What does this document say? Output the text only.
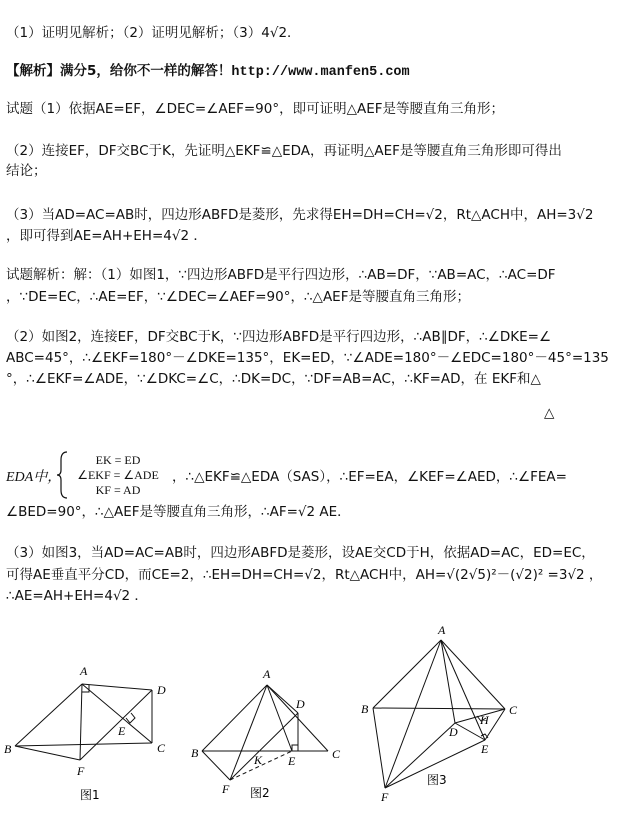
（1）证明见解析；（2）证明见解析；（3）4√2．
【解析】满分5，给你不一样的解答！http://www.manfen5.com
试题（1）依据AE=EF，∠DEC=∠AEF=90°，即可证明△AEF是等腰直角三角形；
（2）连接EF，DF交BC于K，先证明△EKF≌△EDA，再证明△AEF是等腰直角三角形即可得出
结论；
（3）当AD=AC=AB时，四边形ABFD是菱形，先求得EH=DH=CH=√2，Rt△ACH中，AH=3√2
，即可得到AE=AH+EH=4√2 ．
试题解析：解：（1）如图1，∵四边形ABFD是平行四边形，∴AB=DF，∵AB=AC，∴AC=DF
，∵DE=EC，∴AE=EF，∵∠DEC=∠AEF=90°，∴△AEF是等腰直角三角形；
（2）如图2，连接EF，DF交BC于K，∵四边形ABFD是平行四边形，∴AB∥DF，∴∠DKE=∠
ABC=45°，∴∠EKF=180°－∠DKE=135°，EK=ED，∵∠ADE=180°－∠EDC=180°－45°=135
°，∴∠EKF=∠ADE，∵∠DKC=∠C，∴DK=DC，∵DF=AB=AC，∴KF=AD，在 EKF和△
△
EDA中，
EK = ED
∠EKF = ∠ADE
KF = AD
，∴△EKF≌△EDA（SAS），∴EF=EA，∠KEF=∠AED，∴∠FEA=
∠BED=90°，∴△AEF是等腰直角三角形，∴AF=√2 AE．
（3）如图3，当AD=AC=AB时，四边形ABFD是菱形，设AE交CD于H，依据AD=AC，ED=EC，
可得AE垂直平分CD，而CE=2，∴EH=DH=CH=√2，Rt△ACH中，AH=√(2√5)²－(√2)² =3√2 ，
∴AE=AH+EH=4√2 ．
A
D
B
E
C
F
图1
A
D
B	K E	C
F 图2
A
B	C
H
D
E
F
图3
